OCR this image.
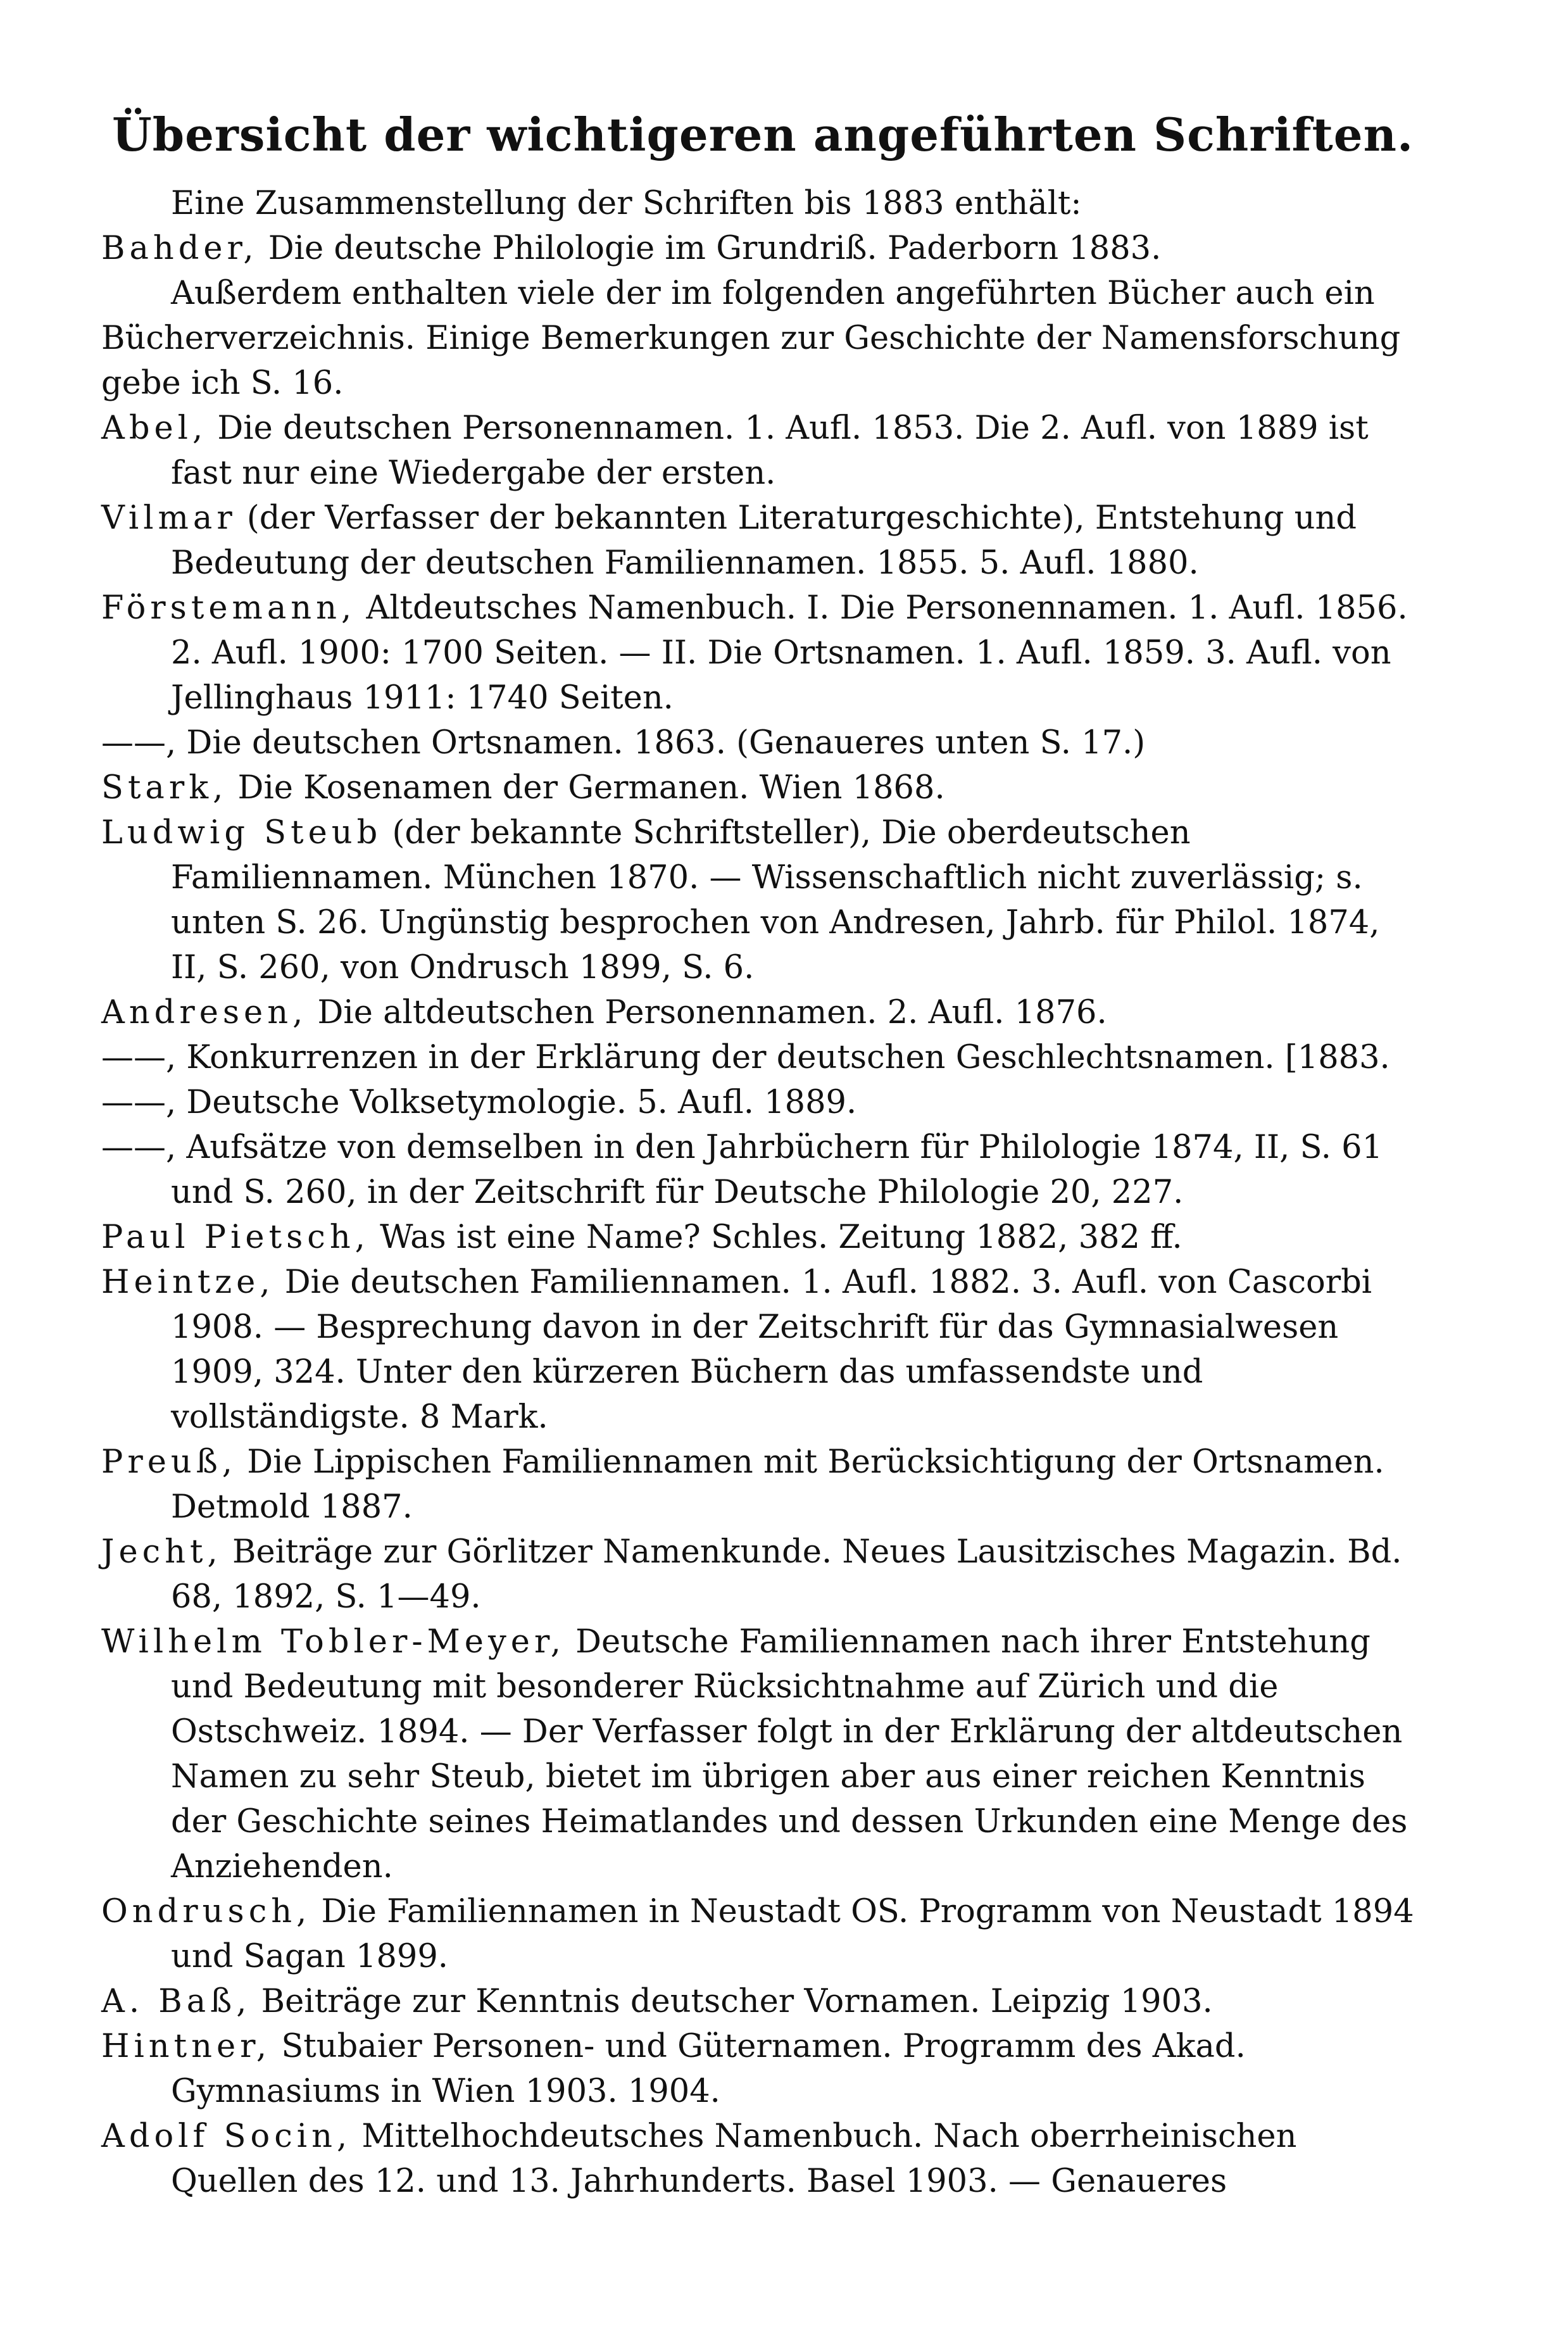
Übersicht der wichtigeren angeführten Schriften.

Eine Zusammenstellung der Schriften bis 1883 enthält:

Bahder, Die deutsche Philologie im Grundriß. Paderborn 1883.

Außerdem enthalten viele der im folgenden angeführten Bücher auch ein Bücherverzeichnis. Einige Bemerkungen zur Geschichte der Namensforschung gebe ich S. 16.

Abel, Die deutschen Personennamen. 1. Aufl. 1853. Die 2. Aufl. von 1889 ist fast nur eine Wiedergabe der ersten.

Vilmar (der Verfasser der bekannten Literaturgeschichte), Entstehung und Bedeutung der deutschen Familiennamen. 1855. 5. Aufl. 1880.

Förstemann, Altdeutsches Namenbuch. I. Die Personennamen. 1. Aufl. 1856. 2. Aufl. 1900: 1700 Seiten. — II. Die Ortsnamen. 1. Aufl. 1859. 3. Aufl. von Jellinghaus 1911: 1740 Seiten.

——, Die deutschen Ortsnamen. 1863. (Genaueres unten S. 17.)

Stark, Die Kosenamen der Germanen. Wien 1868.

Ludwig Steub (der bekannte Schriftsteller), Die oberdeutschen Familiennamen. München 1870. — Wissenschaftlich nicht zuverlässig; s. unten S. 26. Ungünstig besprochen von Andresen, Jahrb. für Philol. 1874, II, S. 260, von Ondrusch 1899, S. 6.

Andresen, Die altdeutschen Personennamen. 2. Aufl. 1876.

——, Konkurrenzen in der Erklärung der deutschen Geschlechtsnamen. [1883.

——, Deutsche Volksetymologie. 5. Aufl. 1889.

——, Aufsätze von demselben in den Jahrbüchern für Philologie 1874, II, S. 61 und S. 260, in der Zeitschrift für Deutsche Philologie 20, 227.

Paul Pietsch, Was ist eine Name? Schles. Zeitung 1882, 382 ff.

Heintze, Die deutschen Familiennamen. 1. Aufl. 1882. 3. Aufl. von Cascorbi 1908. — Besprechung davon in der Zeitschrift für das Gymnasialwesen 1909, 324. Unter den kürzeren Büchern das umfassendste und vollständigste. 8 Mark.

Preuß, Die Lippischen Familiennamen mit Berücksichtigung der Ortsnamen. Detmold 1887.

Jecht, Beiträge zur Görlitzer Namenkunde. Neues Lausitzisches Magazin. Bd. 68, 1892, S. 1—49.

Wilhelm Tobler-Meyer, Deutsche Familiennamen nach ihrer Entstehung und Bedeutung mit besonderer Rücksichtnahme auf Zürich und die Ostschweiz. 1894. — Der Verfasser folgt in der Erklärung der altdeutschen Namen zu sehr Steub, bietet im übrigen aber aus einer reichen Kenntnis der Geschichte seines Heimatlandes und dessen Urkunden eine Menge des Anziehenden.

Ondrusch, Die Familiennamen in Neustadt OS. Programm von Neustadt 1894 und Sagan 1899.

A. Baß, Beiträge zur Kenntnis deutscher Vornamen. Leipzig 1903.

Hintner, Stubaier Personen- und Güternamen. Programm des Akad. Gymnasiums in Wien 1903. 1904.

Adolf Socin, Mittelhochdeutsches Namenbuch. Nach oberrheinischen Quellen des 12. und 13. Jahrhunderts. Basel 1903. — Genaueres
